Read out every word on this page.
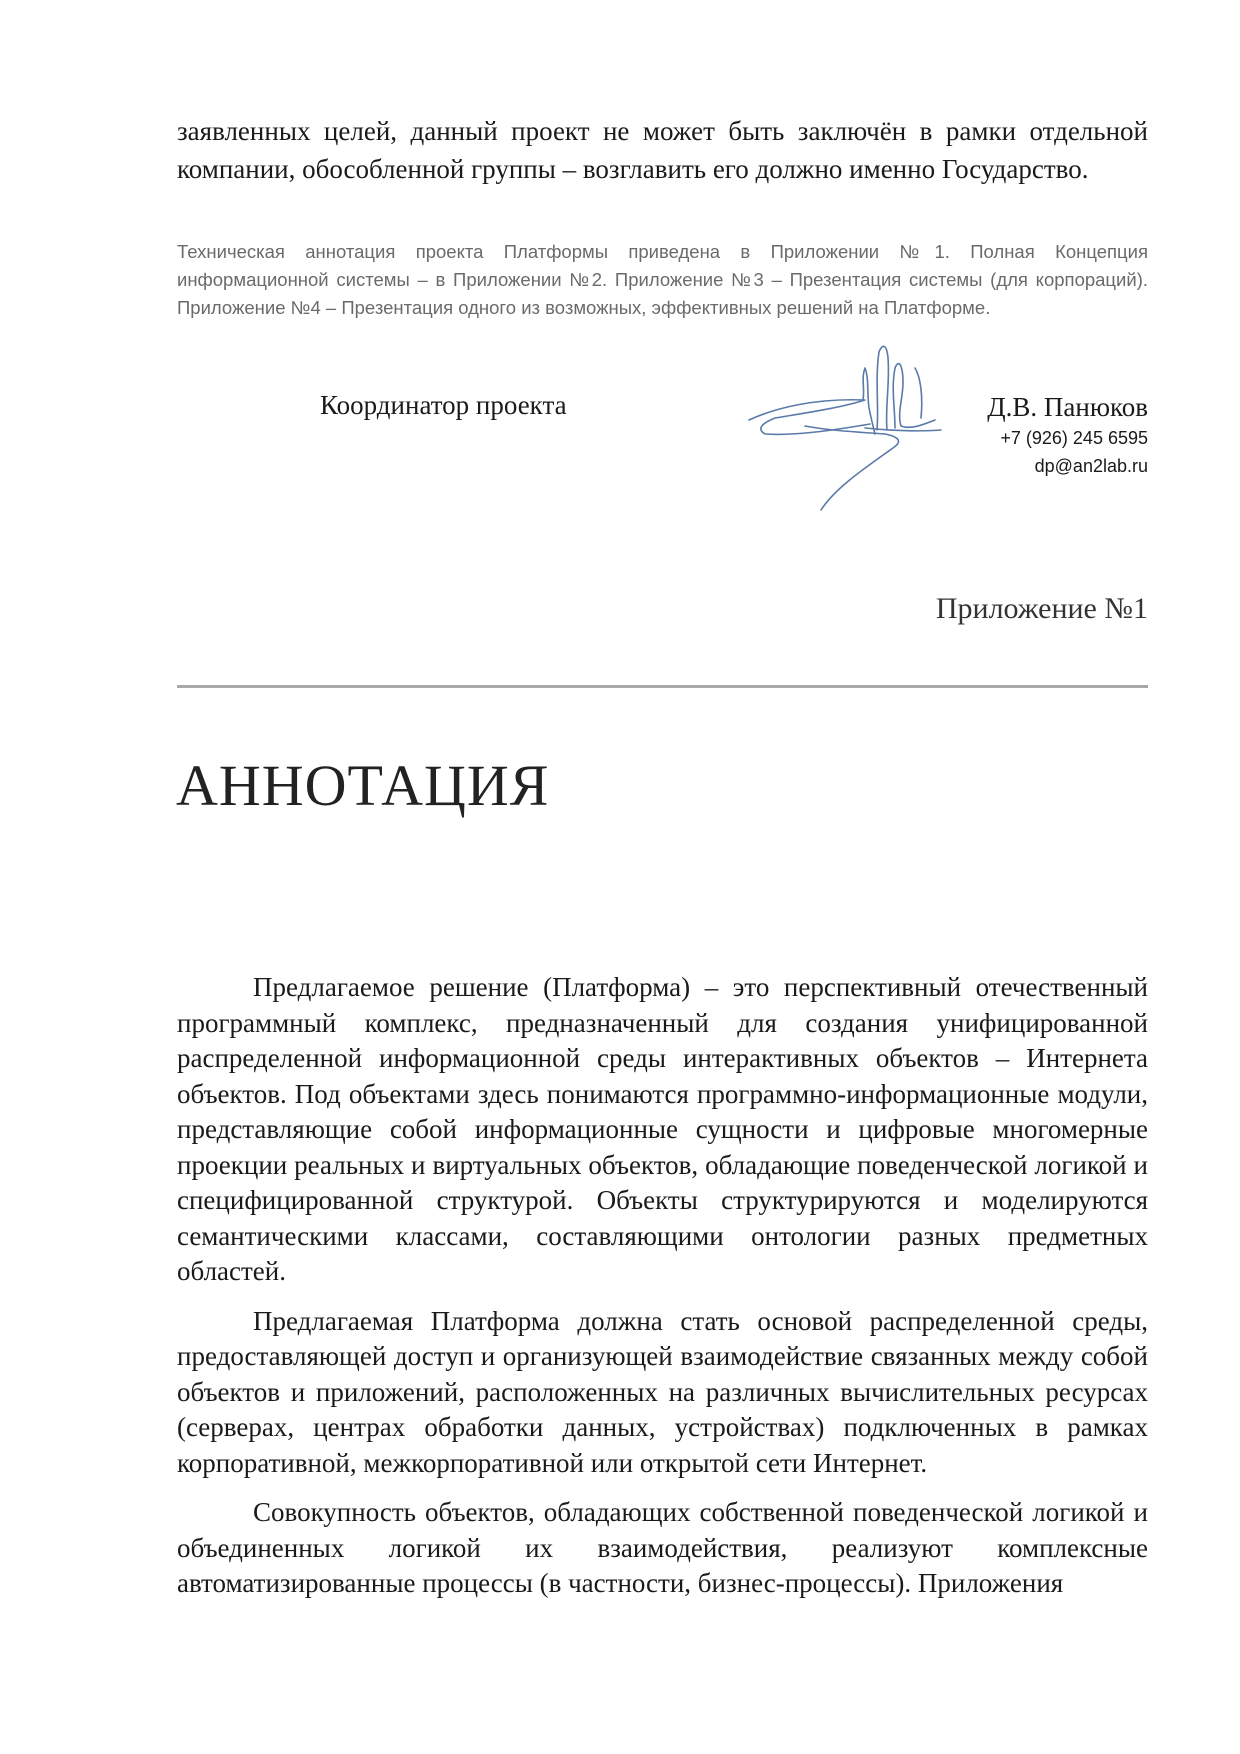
заявленных целей, данный проект не может быть заключён в рамки отдельной компании, обособленной группы – возглавить его должно именно Государство.
Техническая аннотация проекта Платформы приведена в Приложении №1. Полная Концепция информационной системы – в Приложении №2. Приложение №3 – Презентация системы (для корпораций). Приложение №4 – Презентация одного из возможных, эффективных решений на Платформе.
Координатор проекта	Д.В. Панюков
+7 (926) 245 6595
dp@an2lab.ru
Приложение №1
АННОТАЦИЯ

Предлагаемое решение (Платформа) – это перспективный отечественный программный комплекс, предназначенный для создания унифицированной распределенной информационной среды интерактивных объектов – Интернета объектов. Под объектами здесь понимаются программно-информационные модули, представляющие собой информационные сущности и цифровые многомерные проекции реальных и виртуальных объектов, обладающие поведенческой логикой и специфицированной структурой. Объекты структурируются и моделируются семантическими классами, составляющими онтологии разных предметных областей.

Предлагаемая Платформа должна стать основой распределенной среды, предоставляющей доступ и организующей взаимодействие связанных между собой объектов и приложений, расположенных на различных вычислительных ресурсах (серверах, центрах обработки данных, устройствах) подключенных в рамках корпоративной, межкорпоративной или открытой сети Интернет.

Совокупность объектов, обладающих собственной поведенческой логикой и объединенных логикой их взаимодействия, реализуют комплексные автоматизированные процессы (в частности, бизнес-процессы). Приложения
